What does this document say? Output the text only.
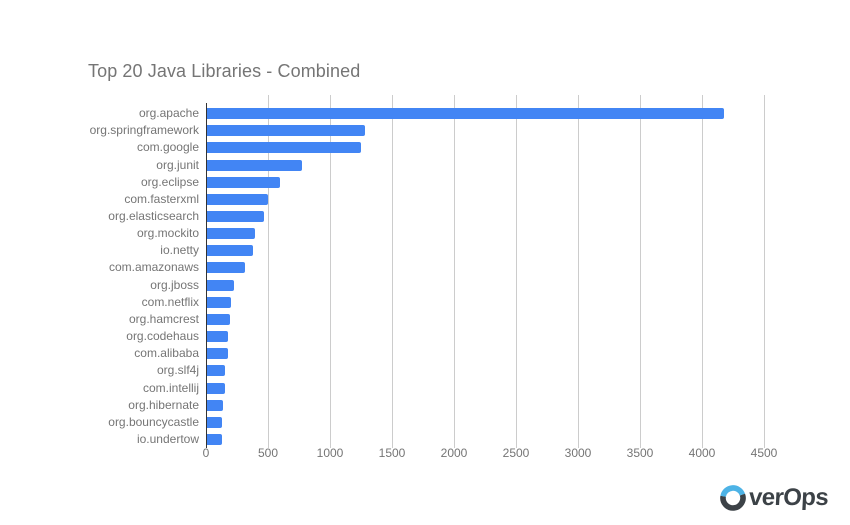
Top 20 Java Libraries - Combined
org.apache
org.springframework
com.google
org.junit
org.eclipse
com.fasterxml
org.elasticsearch
org.mockito
io.netty
com.amazonaws
org.jboss
com.netflix
org.hamcrest
org.codehaus
com.alibaba
org.slf4j
com.intellij
org.hibernate
org.bouncycastle
io.undertow
0	500	1000	1500	2000	2500	3000	3500	4000	4500
verOps
